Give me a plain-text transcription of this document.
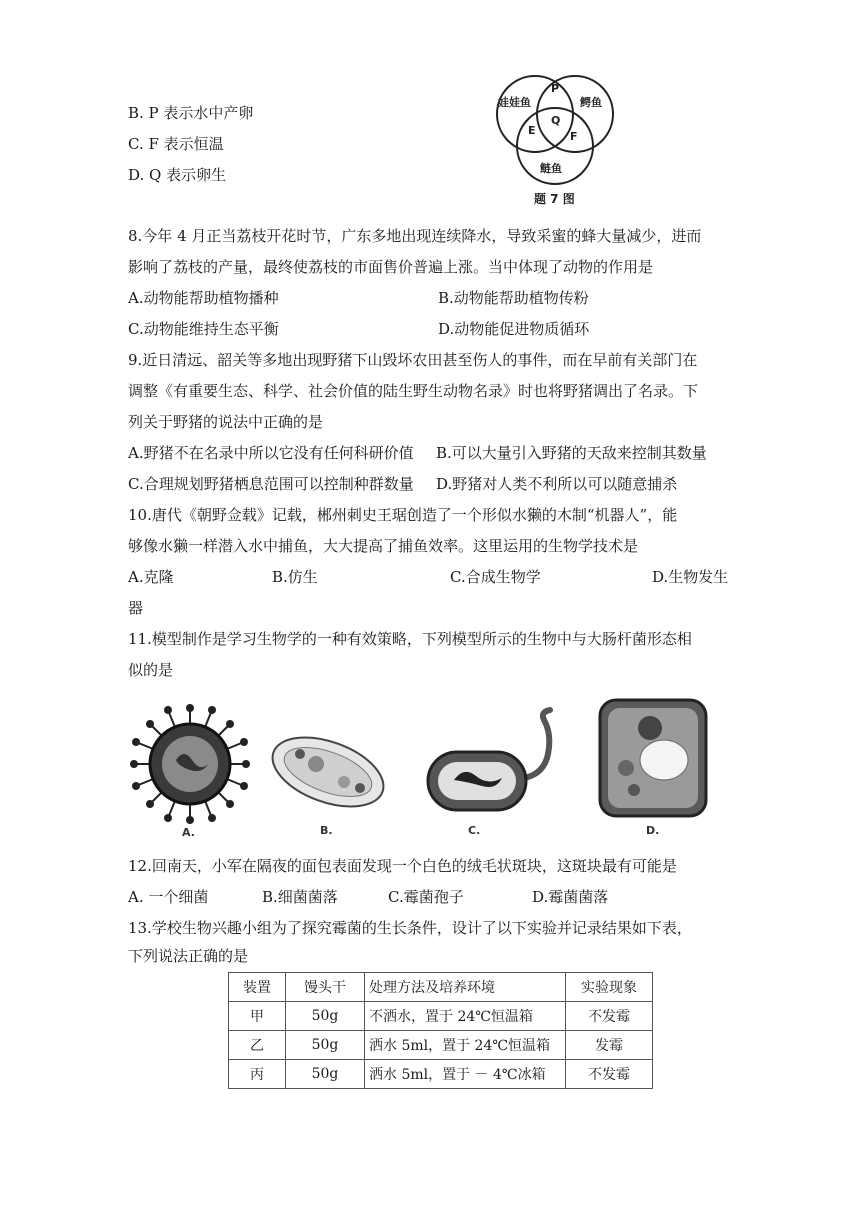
B. P 表示水中产卵
C. F 表示恒温
D. Q 表示卵生
娃娃鱼	鳄鱼
鲢鱼
P
Q
E	F
题 7 图
8.今年 4 月正当荔枝开花时节，广东多地出现连续降水，导致采蜜的蜂大量减少，进而
影响了荔枝的产量，最终使荔枝的市面售价普遍上涨。当中体现了动物的作用是
A.动物能帮助植物播种	B.动物能帮助植物传粉
C.动物能维持生态平衡	D.动物能促进物质循环
9.近日清远、韶关等多地出现野猪下山毁坏农田甚至伤人的事件，而在早前有关部门在
调整《有重要生态、科学、社会价值的陆生野生动物名录》时也将野猪调出了名录。下
列关于野猪的说法中正确的是
A.野猪不在名录中所以它没有任何科研价值 B.可以大量引入野猪的天敌来控制其数量
C.合理规划野猪栖息范围可以控制种群数量 D.野猪对人类不利所以可以随意捕杀
10.唐代《朝野佥载》记载，郴州刺史王琚创造了一个形似水獭的木制“机器人”，能
够像水獭一样潜入水中捕鱼，大大提高了捕鱼效率。这里运用的生物学技术是
A.克隆	B.仿生	C.合成生物学	D.生物发生
器
11.模型制作是学习生物学的一种有效策略，下列模型所示的生物中与大肠杆菌形态相
似的是
A.	B.	C.	D.
12.回南天，小军在隔夜的面包表面发现一个白色的绒毛状斑块，这斑块最有可能是
A. 一个细菌	B.细菌菌落	C.霉菌孢子	D.霉菌菌落
13.学校生物兴趣小组为了探究霉菌的生长条件，设计了以下实验并记录结果如下表，
下列说法正确的是
装置	馒头干	处理方法及培养环境	实验现象
甲	50g	不洒水，置于 24℃恒温箱	不发霉
乙	50g	洒水 5ml，置于 24℃恒温箱	发霉
丙	50g	洒水 5ml，置于 － 4℃冰箱	不发霉
